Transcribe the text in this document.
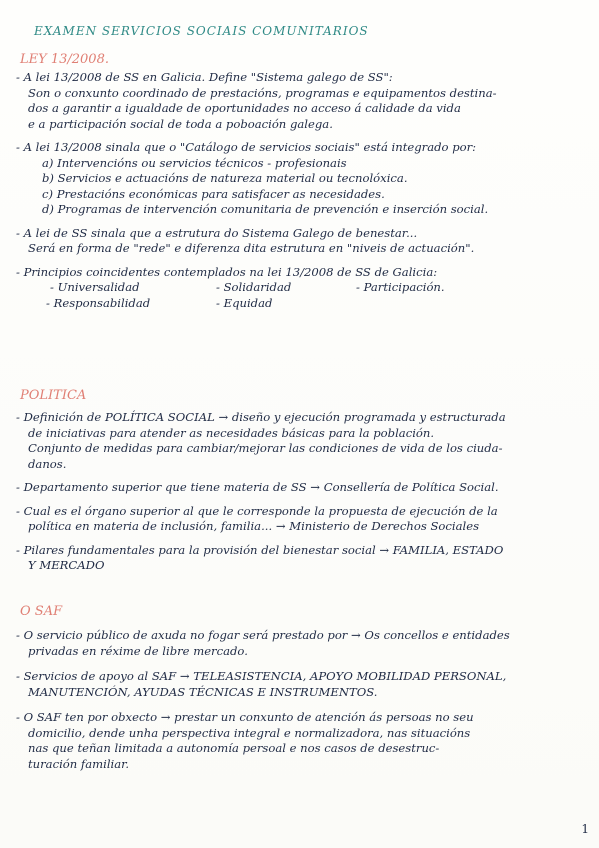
EXAMEN SERVICIOS SOCIAIS COMUNITARIOS
LEY 13/2008.
- A lei 13/2008 de SS en Galicia. Define "Sistema galego de SS":
Son o conxunto coordinado de prestacións, programas e equipamentos destina-
dos a garantir a igualdade de oportunidades no acceso á calidade da vida
e a participación social de toda a poboación galega.
- A lei 13/2008 sinala que o "Catálogo de servicios sociais" está integrado por:
a) Intervencións ou servicios técnicos - profesionais
b) Servicios e actuacións de natureza material ou tecnolóxica.
c) Prestacións económicas para satisfacer as necesidades.
d) Programas de intervención comunitaria de prevención e inserción social.
- A lei de SS sinala que a estrutura do Sistema Galego de benestar...
Será en forma de "rede" e diferenza dita estrutura en "niveis de actuación".
- Principios coincidentes contemplados na lei 13/2008 de SS de Galicia:
- Universalidad	- Solidaridad	- Participación.
- Responsabilidad	- Equidad
POLITICA
- Definición de POLÍTICA SOCIAL → diseño y ejecución programada y estructurada
de iniciativas para atender as necesidades básicas para la población.
Conjunto de medidas para cambiar/mejorar las condiciones de vida de los ciuda-
danos.
- Departamento superior que tiene materia de SS → Consellería de Política Social.
- Cual es el órgano superior al que le corresponde la propuesta de ejecución de la
política en materia de inclusión, familia... → Ministerio de Derechos Sociales
- Pilares fundamentales para la provisión del bienestar social → FAMILIA, ESTADO
Y MERCADO
O SAF
- O servicio público de axuda no fogar será prestado por → Os concellos e entidades
privadas en réxime de libre mercado.
- Servicios de apoyo al SAF → TELEASISTENCIA, APOYO MOBILIDAD PERSONAL,
MANUTENCIÓN, AYUDAS TÉCNICAS E INSTRUMENTOS.
- O SAF ten por obxecto → prestar un conxunto de atención ás persoas no seu
domicilio, dende unha perspectiva integral e normalizadora, nas situacións
nas que teñan limitada a autonomía persoal e nos casos de desestruc-
turación familiar.
1
